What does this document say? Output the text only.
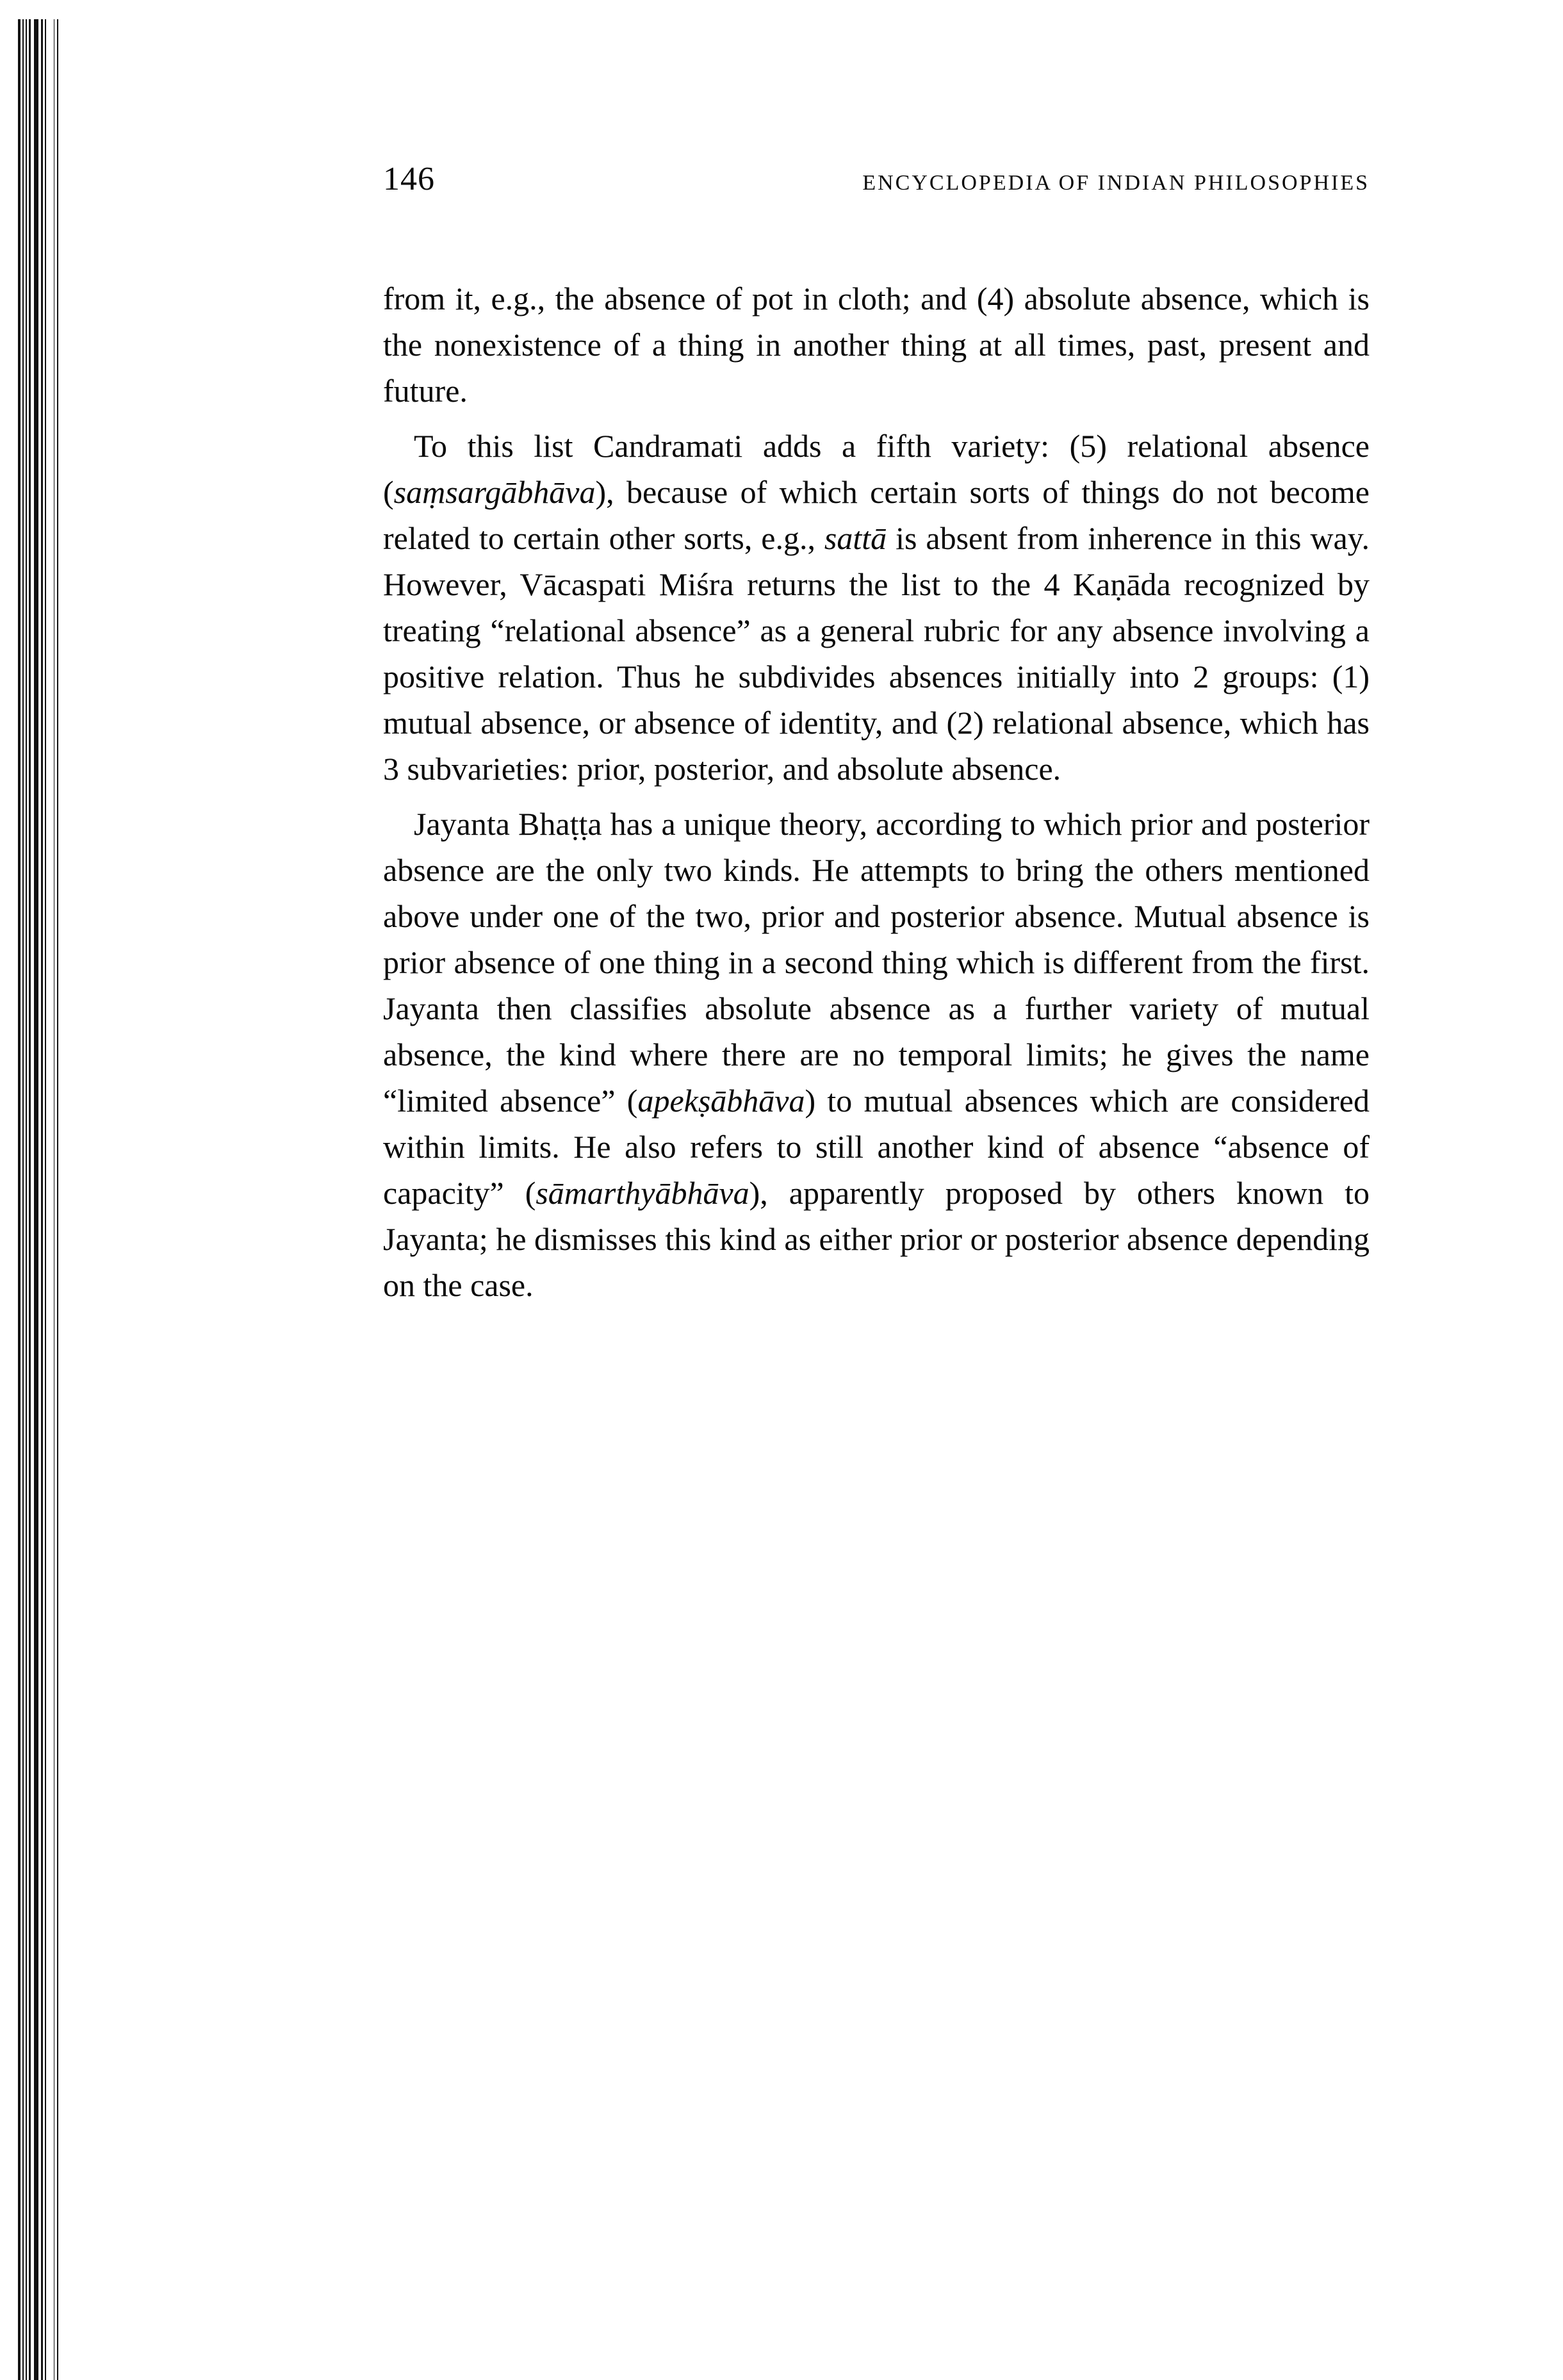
146	ENCYCLOPEDIA OF INDIAN PHILOSOPHIES

from it, e.g., the absence of pot in cloth; and (4) absolute absence, which is the nonexistence of a thing in another thing at all times, past, present and future.

To this list Candramati adds a fifth variety: (5) relational absence (saṃsargābhāva), because of which certain sorts of things do not become related to certain other sorts, e.g., sattā is absent from inherence in this way. However, Vācaspati Miśra returns the list to the 4 Kaṇāda recognized by treating “relational absence” as a general rubric for any absence involving a positive relation. Thus he subdivides absences initially into 2 groups: (1) mutual absence, or absence of identity, and (2) relational absence, which has 3 subvarieties: prior, posterior, and absolute absence.

Jayanta Bhaṭṭa has a unique theory, according to which prior and posterior absence are the only two kinds. He attempts to bring the others mentioned above under one of the two, prior and posterior absence. Mutual absence is prior absence of one thing in a second thing which is different from the first. Jayanta then classifies absolute absence as a further variety of mutual absence, the kind where there are no temporal limits; he gives the name “limited absence” (apekṣābhāva) to mutual absences which are considered within limits. He also refers to still another kind of absence “absence of capacity” (sāmarthyābhāva), apparently proposed by others known to Jayanta; he dismisses this kind as either prior or posterior absence depending on the case.
